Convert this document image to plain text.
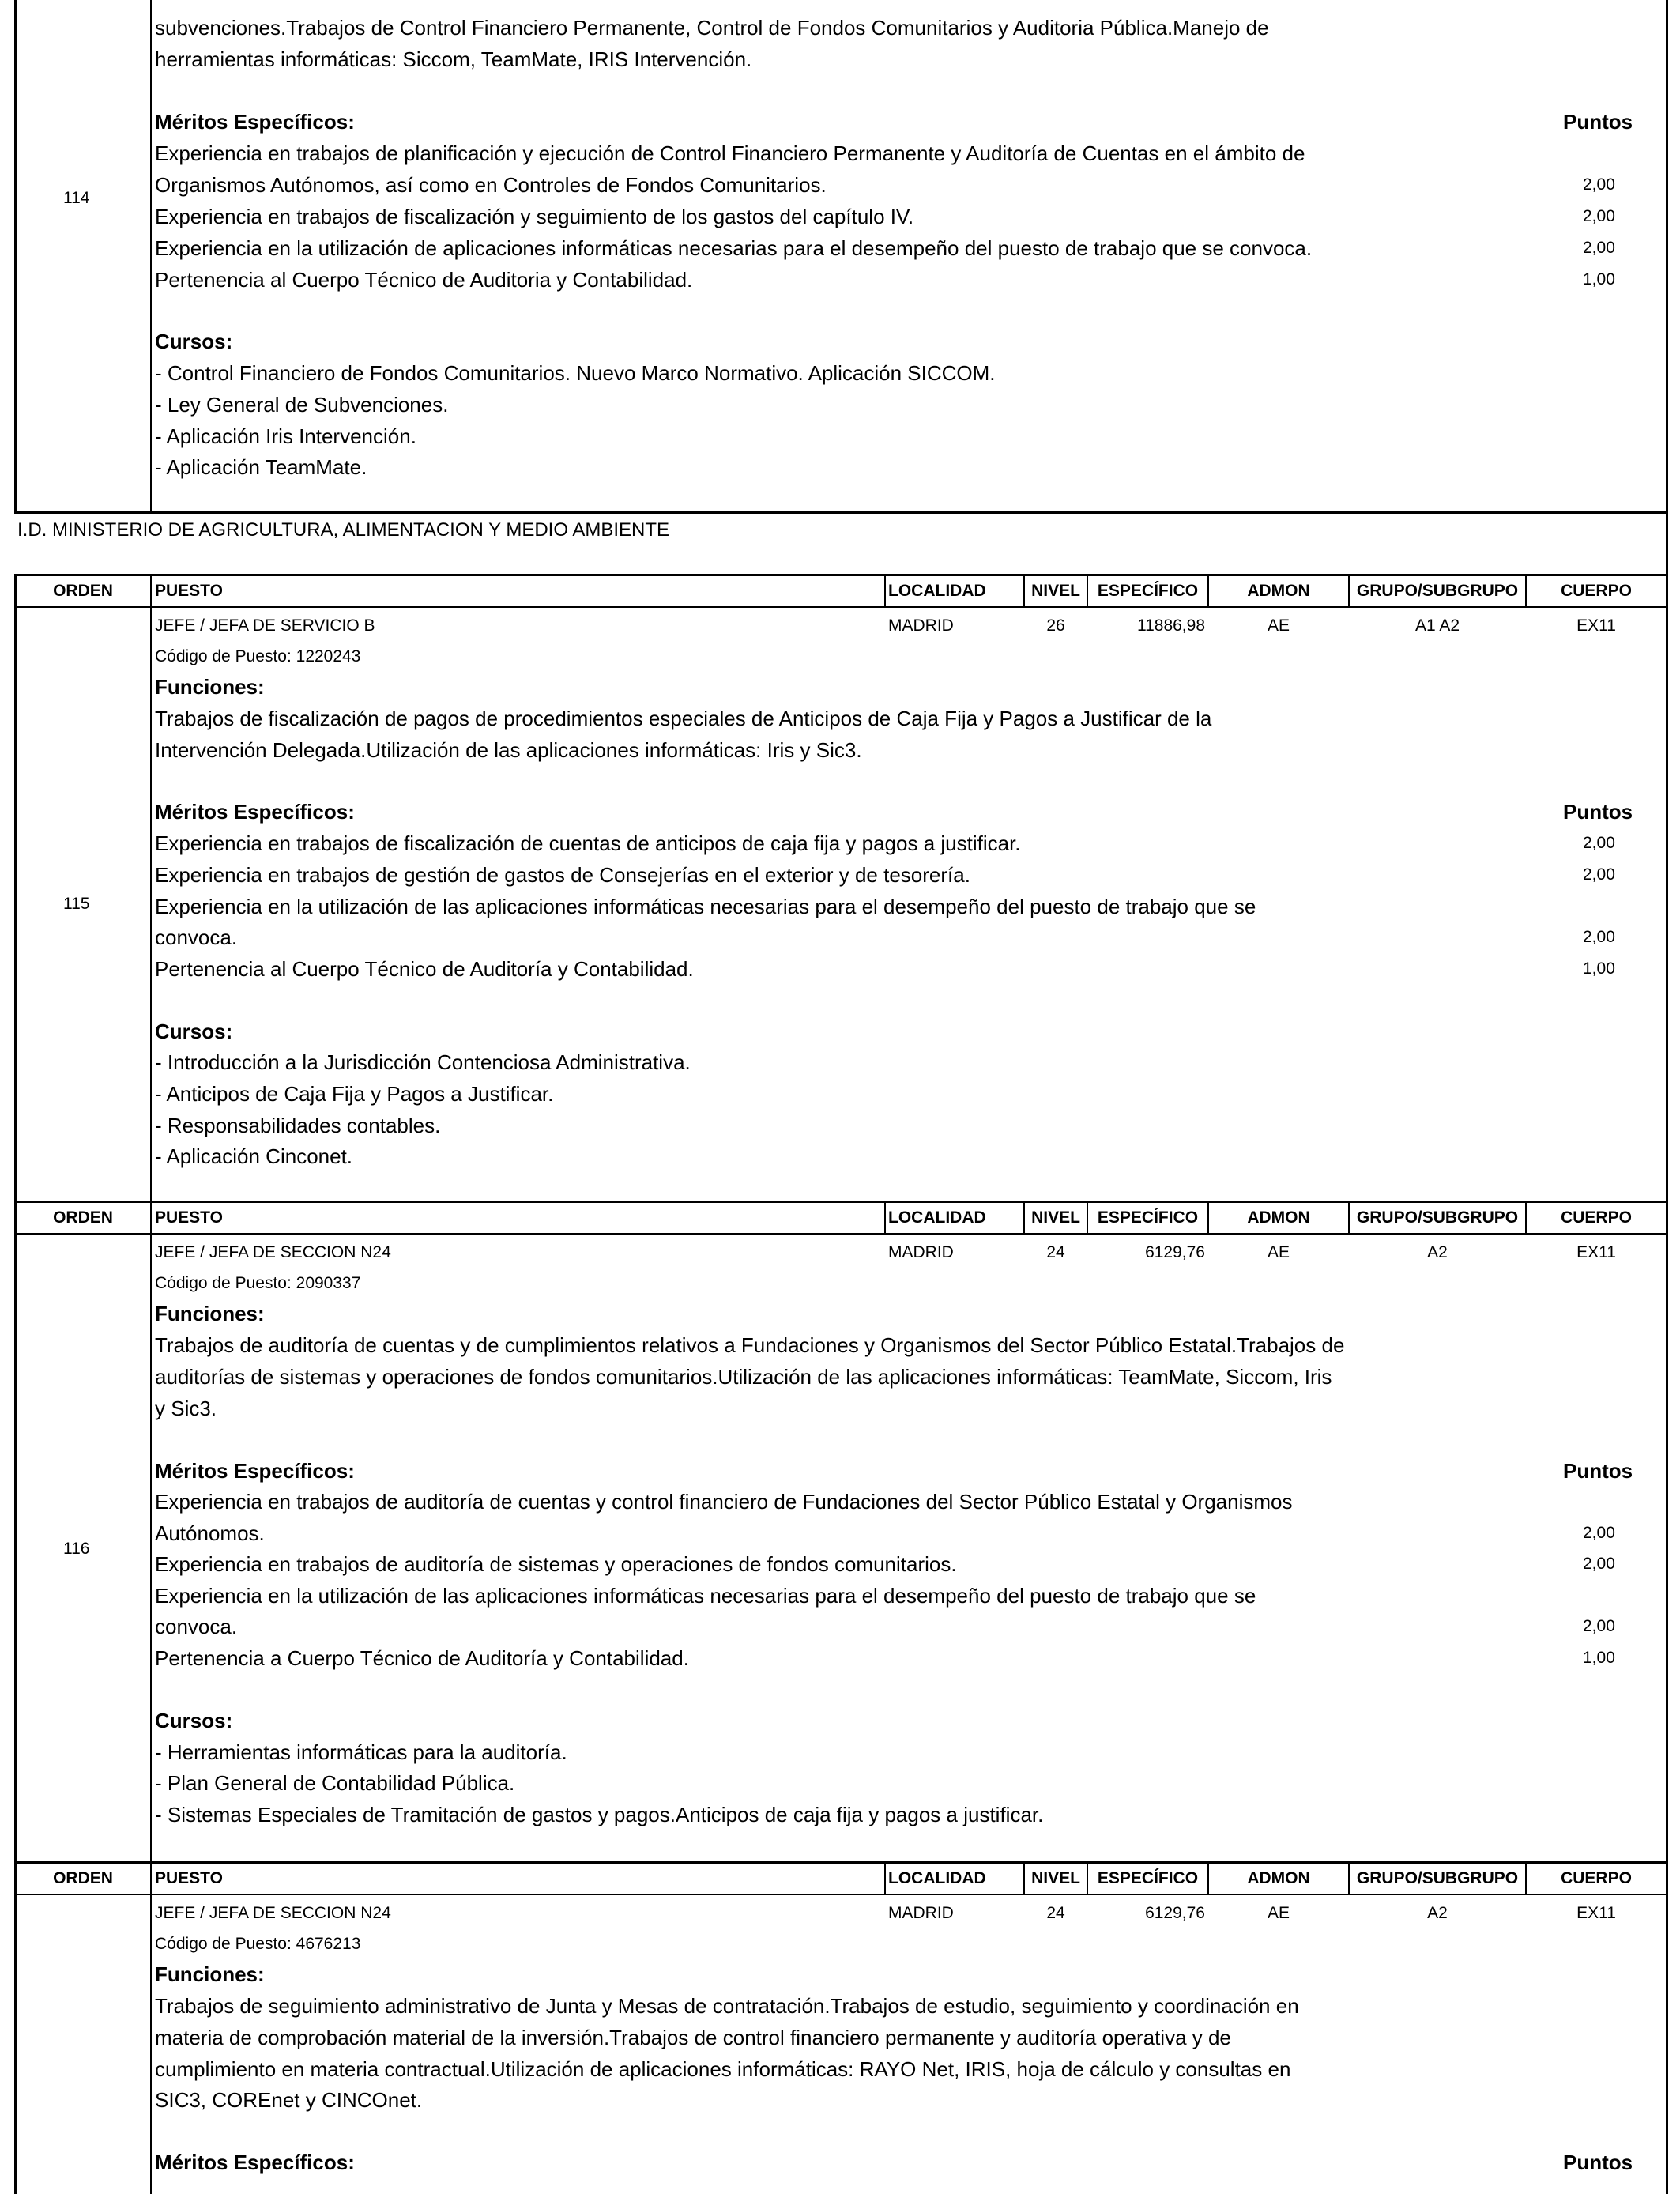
114
subvenciones.Trabajos de Control Financiero Permanente, Control de Fondos Comunitarios y Auditoria Pública.Manejo de
herramientas informáticas: Siccom, TeamMate, IRIS Intervención.
Méritos Específicos:	Puntos
Experiencia en trabajos de planificación y ejecución de Control Financiero Permanente y Auditoría de Cuentas en el ámbito de
Organismos Autónomos, así como en Controles de Fondos Comunitarios.	2,00
Experiencia en trabajos de fiscalización y seguimiento de los gastos del capítulo IV.	2,00
Experiencia en la utilización de aplicaciones informáticas necesarias para el desempeño del puesto de trabajo que se convoca.	2,00
Pertenencia al Cuerpo Técnico de Auditoria y Contabilidad.	1,00
Cursos:
- Control Financiero de Fondos Comunitarios. Nuevo Marco Normativo. Aplicación SICCOM.
- Ley General de Subvenciones.
- Aplicación Iris Intervención.
- Aplicación TeamMate.
I.D. MINISTERIO DE AGRICULTURA, ALIMENTACION Y MEDIO AMBIENTE
ORDEN	PUESTO	LOCALIDAD	NIVEL	ESPECÍFICO	ADMON	GRUPO/SUBGRUPO	CUERPO
115
JEFE / JEFA DE SERVICIO B	MADRID	26	11886,98	AE	A1 A2	EX11
Código de Puesto: 1220243
Funciones:
Trabajos de fiscalización de pagos de procedimientos especiales de Anticipos de Caja Fija y Pagos a Justificar de la
Intervención Delegada.Utilización de las aplicaciones informáticas: Iris y Sic3.
Méritos Específicos:	Puntos
Experiencia en trabajos de fiscalización de cuentas de anticipos de caja fija y pagos a justificar.	2,00
Experiencia en trabajos de gestión de gastos de Consejerías en el exterior y de tesorería.	2,00
Experiencia en la utilización de las aplicaciones informáticas necesarias para el desempeño del puesto de trabajo que se
convoca.	2,00
Pertenencia al Cuerpo Técnico de Auditoría y Contabilidad.	1,00
Cursos:
- Introducción a la Jurisdicción Contenciosa Administrativa.
- Anticipos de Caja Fija y Pagos a Justificar.
- Responsabilidades contables.
- Aplicación Cinconet.
ORDEN	PUESTO	LOCALIDAD	NIVEL	ESPECÍFICO	ADMON	GRUPO/SUBGRUPO	CUERPO
116
JEFE / JEFA DE SECCION N24	MADRID	24	6129,76	AE	A2	EX11
Código de Puesto: 2090337
Funciones:
Trabajos de auditoría de cuentas y de cumplimientos relativos a Fundaciones y Organismos del Sector Público Estatal.Trabajos de
auditorías de sistemas y operaciones de fondos comunitarios.Utilización de las aplicaciones informáticas: TeamMate, Siccom, Iris
y Sic3.
Méritos Específicos:	Puntos
Experiencia en trabajos de auditoría de cuentas y control financiero de Fundaciones del Sector Público Estatal y Organismos
Autónomos.	2,00
Experiencia en trabajos de auditoría de sistemas y operaciones de fondos comunitarios.	2,00
Experiencia en la utilización de las aplicaciones informáticas necesarias para el desempeño del puesto de trabajo que se
convoca.	2,00
Pertenencia a Cuerpo Técnico de Auditoría y Contabilidad.	1,00
Cursos:
- Herramientas informáticas para la auditoría.
- Plan General de Contabilidad Pública.
- Sistemas Especiales de Tramitación de gastos y pagos.Anticipos de caja fija y pagos a justificar.
ORDEN	PUESTO	LOCALIDAD	NIVEL	ESPECÍFICO	ADMON	GRUPO/SUBGRUPO	CUERPO
JEFE / JEFA DE SECCION N24	MADRID	24	6129,76	AE	A2	EX11
Código de Puesto: 4676213
Funciones:
Trabajos de seguimiento administrativo de Junta y Mesas de contratación.Trabajos de estudio, seguimiento y coordinación en
materia de comprobación material de la inversión.Trabajos de control financiero permanente y auditoría operativa y de
cumplimiento en materia contractual.Utilización de aplicaciones informáticas: RAYO Net, IRIS, hoja de cálculo y consultas en
SIC3, COREnet y CINCOnet.
Méritos Específicos:	Puntos
